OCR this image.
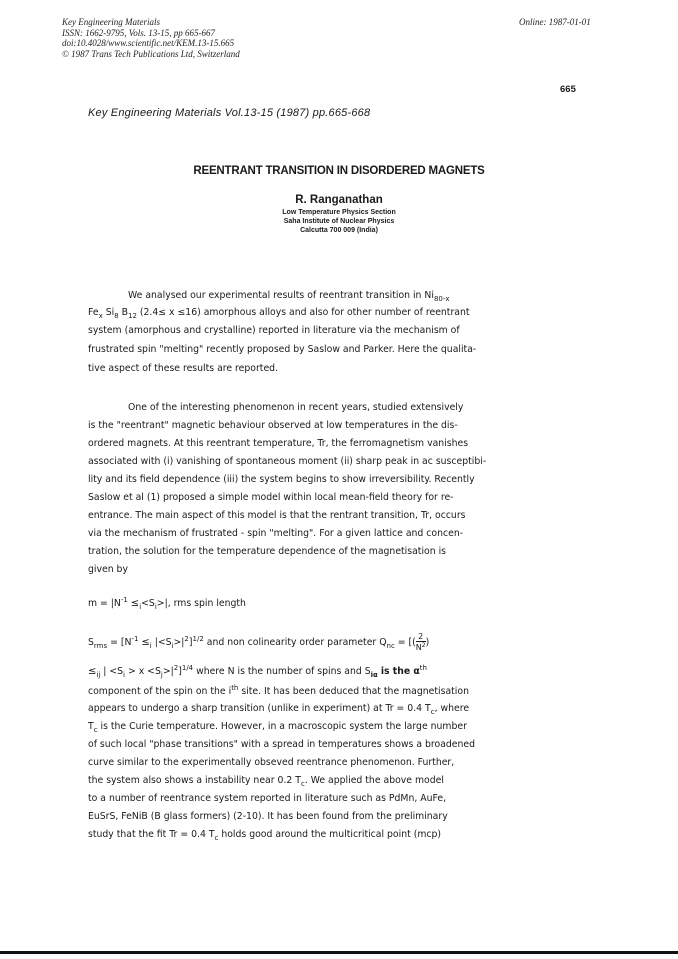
Key Engineering Materials
ISSN: 1662-9795, Vols. 13-15, pp 665-667
doi:10.4028/www.scientific.net/KEM.13-15.665
© 1987 Trans Tech Publications Ltd, Switzerland
Online: 1987-01-01
665
Key Engineering Materials Vol.13-15 (1987) pp.665-668
REENTRANT TRANSITION IN DISORDERED MAGNETS
R. Ranganathan
Low Temperature Physics Section
Saha Institute of Nuclear Physics
Calcutta 700 009 (India)
We analysed our experimental results of reentrant transition in $Ni_{80-x}$
$Fe_x$ $Si_8$ $B_{12}$ (2.4≤ x ≤16) amorphous alloys and also for other number of reentrant
system (amorphous and crystalline) reported in literature via the mechanism of
frustrated spin "melting" recently proposed by Saslow and Parker. Here the qualita-
tive aspect of these results are reported.
One of the interesting phenomenon in recent years, studied extensively
is the "reentrant" magnetic behaviour observed at low temperatures in the dis-
ordered magnets. At this reentrant temperature, Tr, the ferromagnetism vanishes
associated with (i) vanishing of spontaneous moment (ii) sharp peak in ac susceptibi-
lity and its field dependence (iii) the system begins to show irreversibility. Recently
Saslow et al (1) proposed a simple model within local mean-field theory for re-
entrance. The main aspect of this model is that the rentrant transition, Tr, occurs
via the mechanism of frustrated - spin "melting". For a given lattice and concen-
tration, the solution for the temperature dependence of the magnetisation is
given by
$m = |N^{-1} \le_i<S_i>|$, rms spin length
$S_{rms} = [N^{-1} \le_i$ $|<S_i>|^2]^{1/2}$ and non colinearity order parameter $Q_{nc}$ = [( $\frac{2}{N^2}$ )
$\le_{ij}$ | $<S_i > x <S_j>|^2]^{1/4}$ where N is the number of spins and $S_{i\alpha}$ is the $\alpha^{th}$
component of the spin on the $i^{th}$ site. It has been deduced that the magnetisation
appears to undergo a sharp transition (unlike in experiment) at Tr = 0.4 $T_c$, where
$T_c$ is the Curie temperature. However, in a macroscopic system the large number
of such local "phase transitions" with a spread in temperatures shows a broadened
curve similar to the experimentally obseved reentrance phenomenon. Further,
the system also shows a instability near 0.2 $T_c$. We applied the above model
to a number of reentrance system reported in literature such as PdMn, AuFe,
EuSrS, FeNiB (B glass formers) (2-10). It has been found from the preliminary
study that the fit Tr = 0.4 $T_c$ holds good around the multicritical point (mcp)
